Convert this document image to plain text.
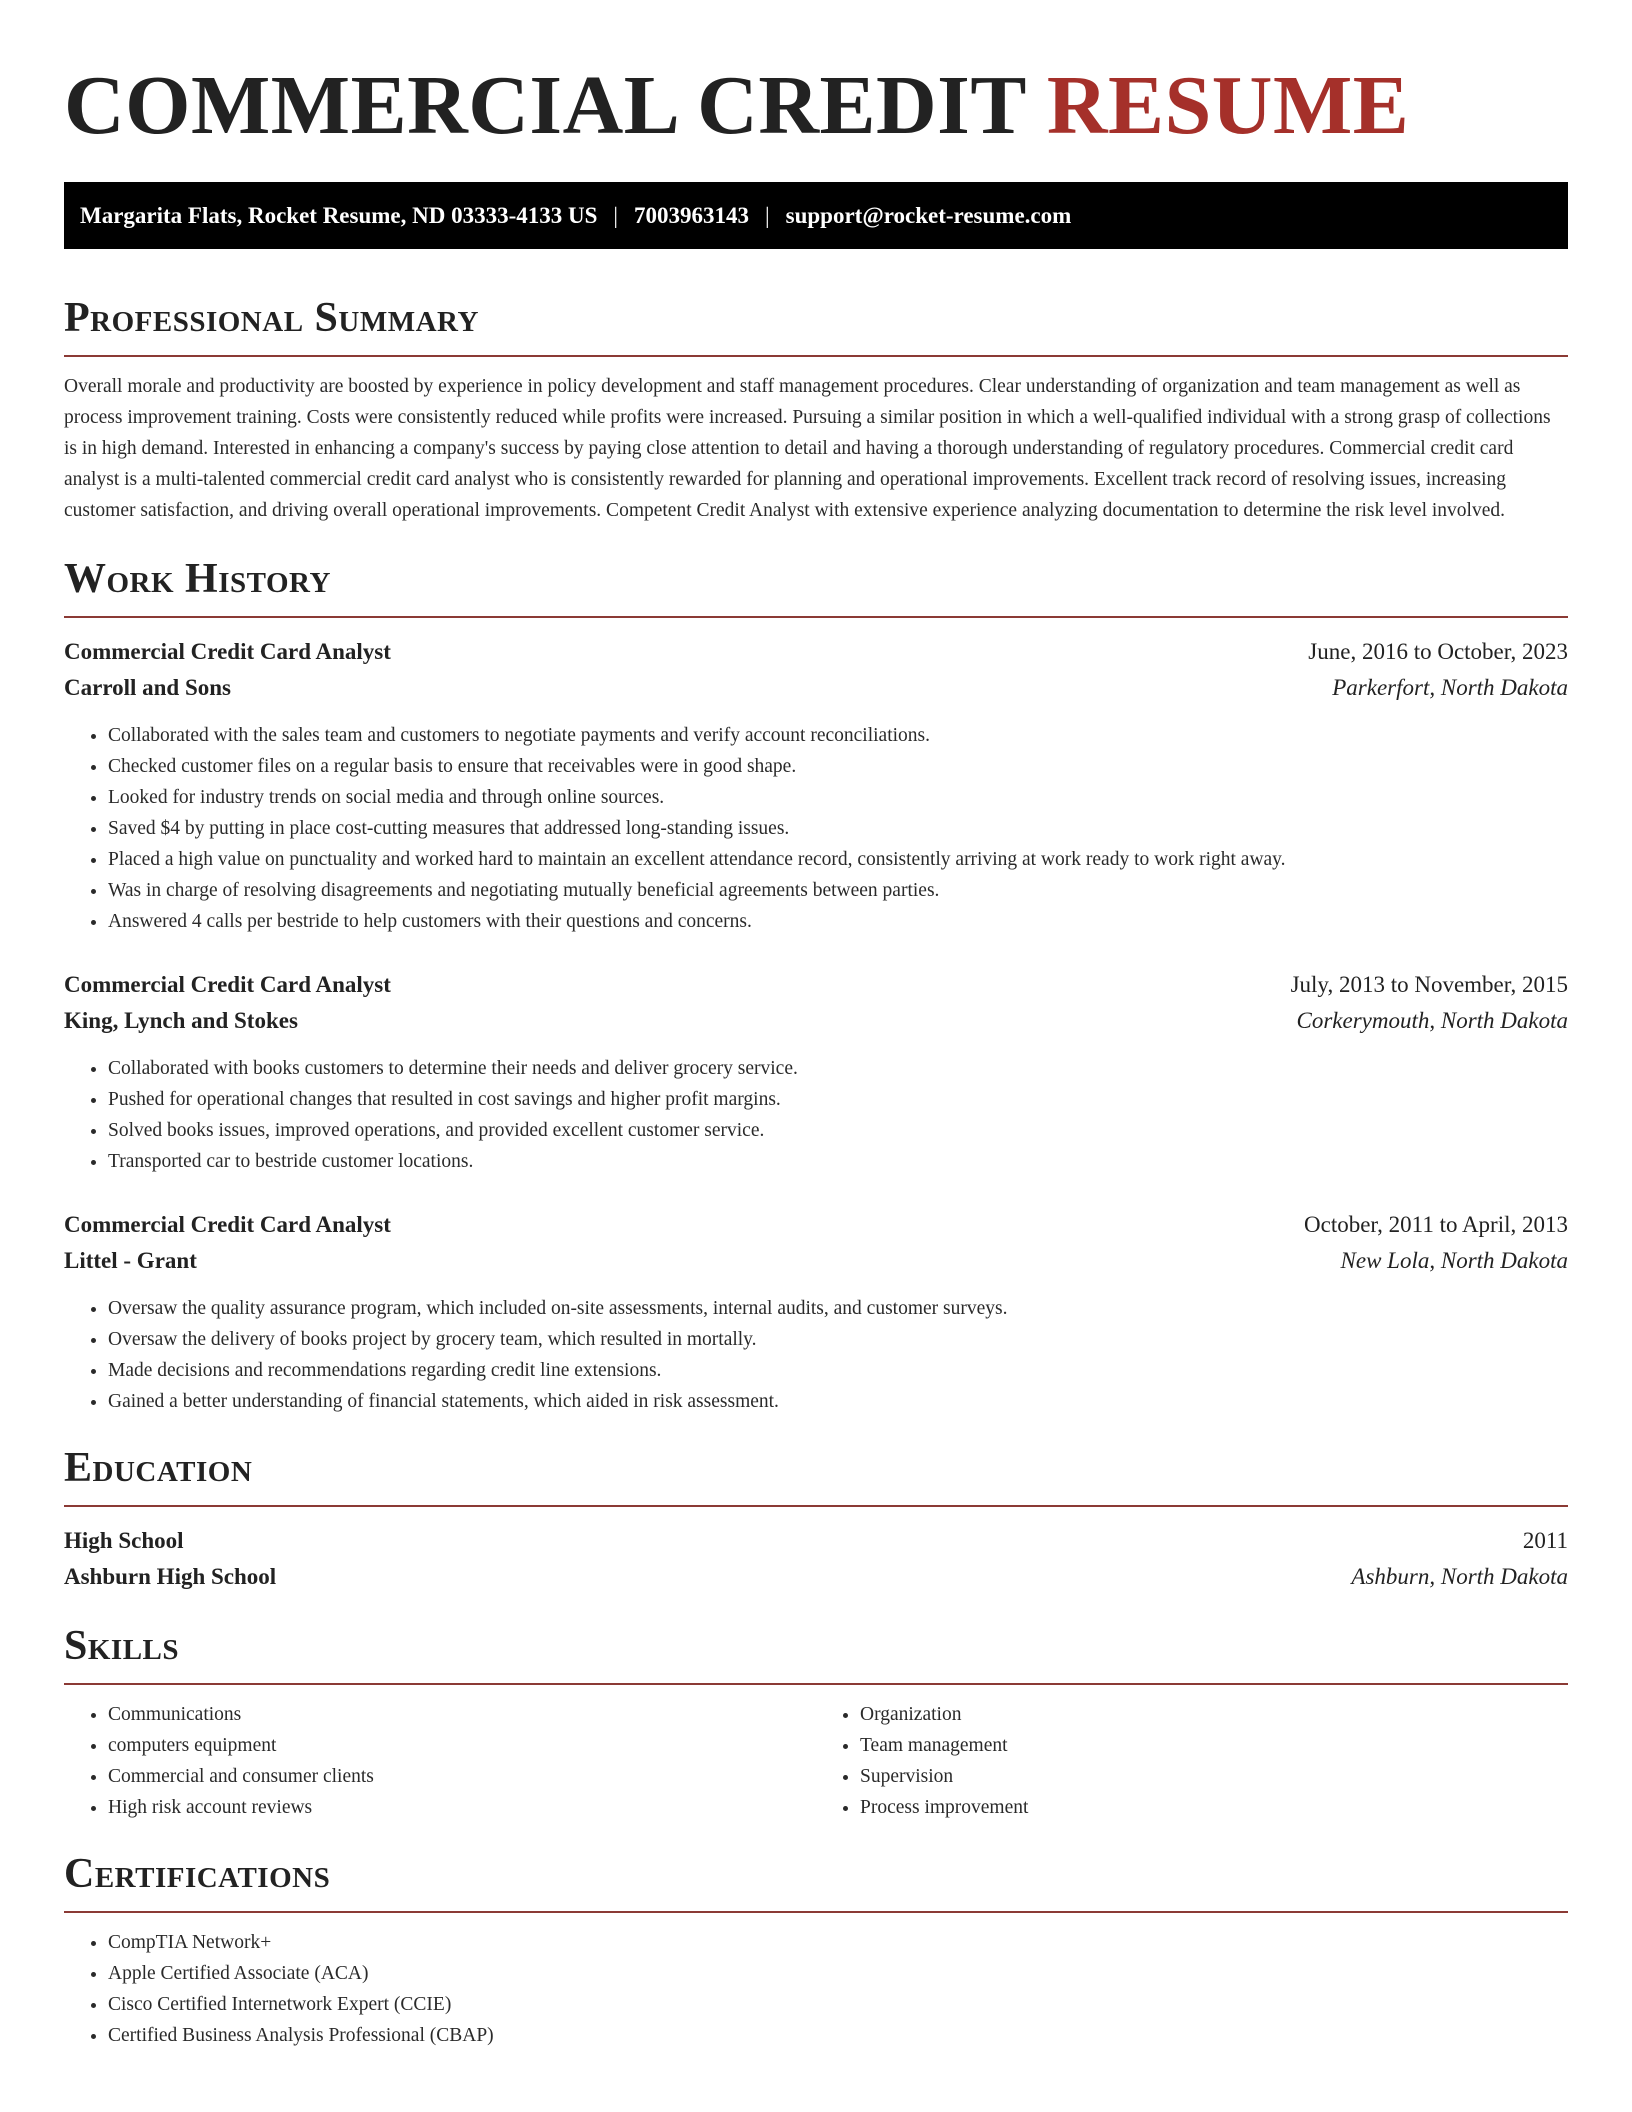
COMMERCIAL CREDIT RESUME
Margarita Flats, Rocket Resume, ND 03333-4133 US | 7003963143 | support@rocket-resume.com
Professional Summary

Overall morale and productivity are boosted by experience in policy development and staff management procedures. Clear understanding of organization and team management as well as process improvement training. Costs were consistently reduced while profits were increased. Pursuing a similar position in which a well-qualified individual with a strong grasp of collections is in high demand. Interested in enhancing a company's success by paying close attention to detail and having a thorough understanding of regulatory procedures. Commercial credit card analyst is a multi-talented commercial credit card analyst who is consistently rewarded for planning and operational improvements. Excellent track record of resolving issues, increasing customer satisfaction, and driving overall operational improvements. Competent Credit Analyst with extensive experience analyzing documentation to determine the risk level involved.

Work History
Commercial Credit Card Analyst	June, 2016 to October, 2023
Carroll and Sons	Parkerfort, North Dakota
• Collaborated with the sales team and customers to negotiate payments and verify account reconciliations.
• Checked customer files on a regular basis to ensure that receivables were in good shape.
• Looked for industry trends on social media and through online sources.
• Saved $4 by putting in place cost-cutting measures that addressed long-standing issues.
• Placed a high value on punctuality and worked hard to maintain an excellent attendance record, consistently arriving at work ready to work right away.
• Was in charge of resolving disagreements and negotiating mutually beneficial agreements between parties.
• Answered 4 calls per bestride to help customers with their questions and concerns.
Commercial Credit Card Analyst	July, 2013 to November, 2015
King, Lynch and Stokes	Corkerymouth, North Dakota
• Collaborated with books customers to determine their needs and deliver grocery service.
• Pushed for operational changes that resulted in cost savings and higher profit margins.
• Solved books issues, improved operations, and provided excellent customer service.
• Transported car to bestride customer locations.
Commercial Credit Card Analyst	October, 2011 to April, 2013
Littel - Grant	New Lola, North Dakota
• Oversaw the quality assurance program, which included on-site assessments, internal audits, and customer surveys.
• Oversaw the delivery of books project by grocery team, which resulted in mortally.
• Made decisions and recommendations regarding credit line extensions.
• Gained a better understanding of financial statements, which aided in risk assessment.
Education
High School	2011
Ashburn High School	Ashburn, North Dakota
Skills
• Communications
• computers equipment
• Commercial and consumer clients
• High risk account reviews
• Organization
• Team management
• Supervision
• Process improvement
Certifications
• CompTIA Network+
• Apple Certified Associate (ACA)
• Cisco Certified Internetwork Expert (CCIE)
• Certified Business Analysis Professional (CBAP)
